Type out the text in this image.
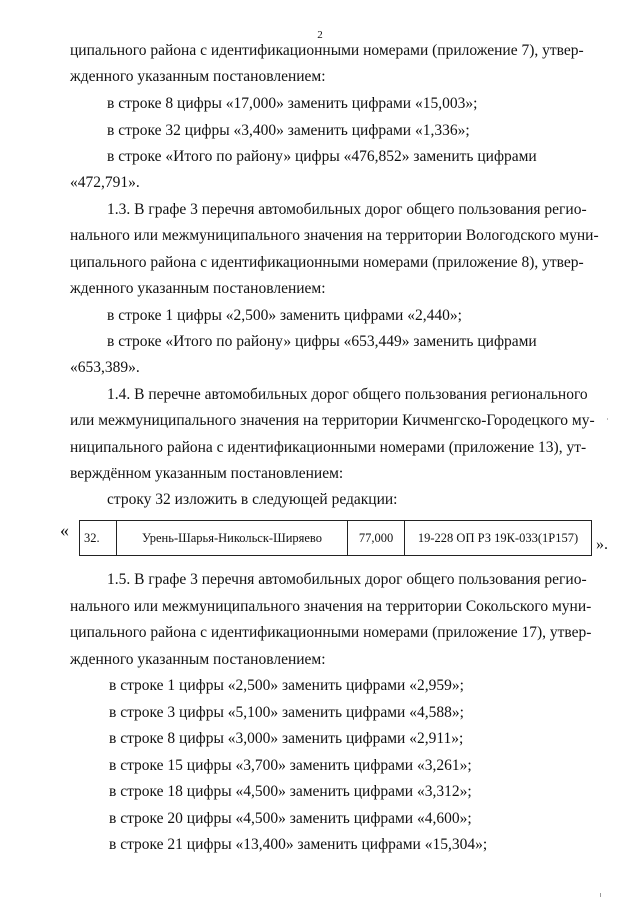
2
ципального района с идентификационными номерами (приложение 7), утвер-
жденного указанным постановлением:
в строке 8 цифры «17,000» заменить цифрами «15,003»;
в строке 32 цифры «3,400» заменить цифрами «1,336»;
в строке «Итого по району» цифры «476,852» заменить цифрами
«472,791».
1.3. В графе 3 перечня автомобильных дорог общего пользования регио-
нального или межмуниципального значения на территории Вологодского муни-
ципального района с идентификационными номерами (приложение 8), утвер-
жденного указанным постановлением:
в строке 1 цифры «2,500» заменить цифрами «2,440»;
в строке «Итого по району» цифры «653,449» заменить цифрами
«653,389».
1.4. В перечне автомобильных дорог общего пользования регионального
или межмуниципального значения на территории Кичменгско-Городецкого му-
ниципального района с идентификационными номерами (приложение 13), ут-
верждённом указанным постановлением:
строку 32 изложить в следующей редакции:
« 32.	Урень-Шарья-Никольск-Ширяево	77,000	19-228 ОП РЗ 19К-033(1Р157) ».
1.5. В графе 3 перечня автомобильных дорог общего пользования регио-
нального или межмуниципального значения на территории Сокольского муни-
ципального района с идентификационными номерами (приложение 17), утвер-
жденного указанным постановлением:
в строке 1 цифры «2,500» заменить цифрами «2,959»;
в строке 3 цифры «5,100» заменить цифрами «4,588»;
в строке 8 цифры «3,000» заменить цифрами «2,911»;
в строке 15 цифры «3,700» заменить цифрами «3,261»;
в строке 18 цифры «4,500» заменить цифрами «3,312»;
в строке 20 цифры «4,500» заменить цифрами «4,600»;
в строке 21 цифры «13,400» заменить цифрами «15,304»;
